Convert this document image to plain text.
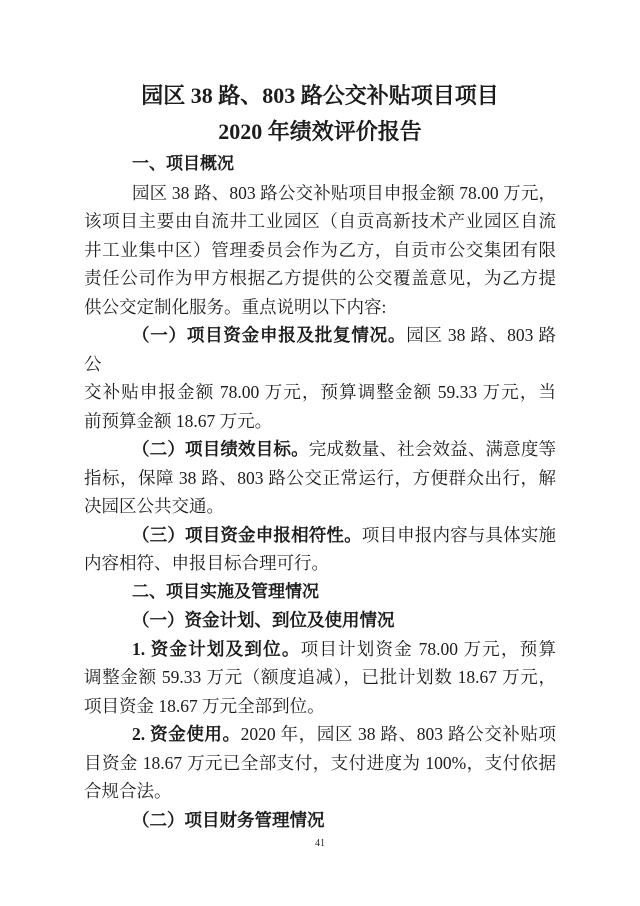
园区 38 路、803 路公交补贴项目项目
2020 年绩效评价报告
一、项目概况
园区 38 路、803 路公交补贴项目申报金额 78.00 万元，
该项目主要由自流井工业园区（自贡高新技术产业园区自流
井工业集中区）管理委员会作为乙方，自贡市公交集团有限
责任公司作为甲方根据乙方提供的公交覆盖意见，为乙方提
供公交定制化服务。重点说明以下内容:
（一）项目资金申报及批复情况。园区 38 路、803 路公
交补贴申报金额 78.00 万元，预算调整金额 59.33 万元，当
前预算金额 18.67 万元。
（二）项目绩效目标。完成数量、社会效益、满意度等
指标，保障 38 路、803 路公交正常运行，方便群众出行，解
决园区公共交通。
（三）项目资金申报相符性。项目申报内容与具体实施
内容相符、申报目标合理可行。
二、项目实施及管理情况
（一）资金计划、到位及使用情况
1. 资金计划及到位。项目计划资金 78.00 万元，预算
调整金额 59.33 万元（额度追减），已批计划数 18.67 万元，
项目资金 18.67 万元全部到位。
2. 资金使用。2020 年，园区 38 路、803 路公交补贴项
目资金 18.67 万元已全部支付，支付进度为 100%，支付依据
合规合法。
（二）项目财务管理情况
41
